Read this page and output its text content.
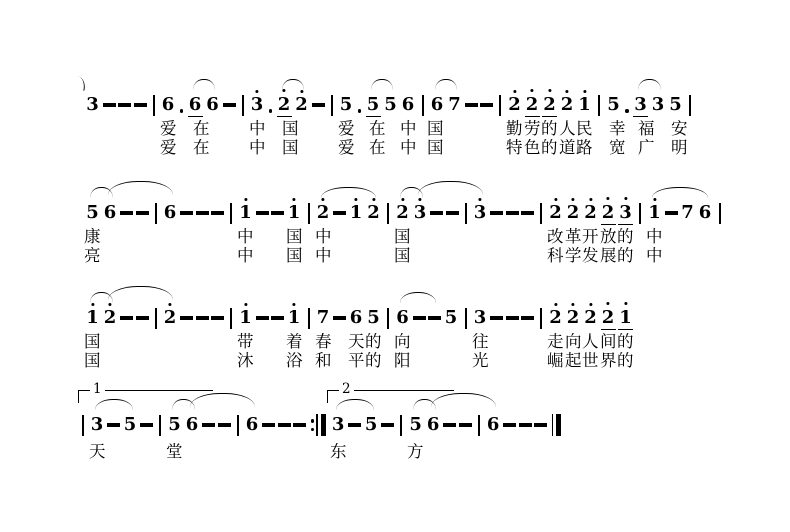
3	6 6 6 3 2 2 5 5 5 6 6 7	2 2 2 2 1 5 3 3 5
爱 在 中 国 爱 在 中 国	勤 劳 的 人 民 幸 福 安
爱 在 中 国 爱 在 中 国	特 色 的 道 路 宽 广 明
5 6	6	1 1 2 1 2 2 3	3	2 2 2 2 3 1 7 6
康	中 国 中	国	改 革 开 放 的 中
亮	中 国 中	国	科 学 发 展 的 中
1 2	2	1 1 7 6 5 6 5 3	2 2 2 2 1
国	带 着 春 天 的 向	往	走 向 人 间 的
国	沐 浴 和 平 的 阳	光	崛 起 世 界 的
3 5 5 6	6	3 5 5 6	6
1	2
天	堂	东	方
